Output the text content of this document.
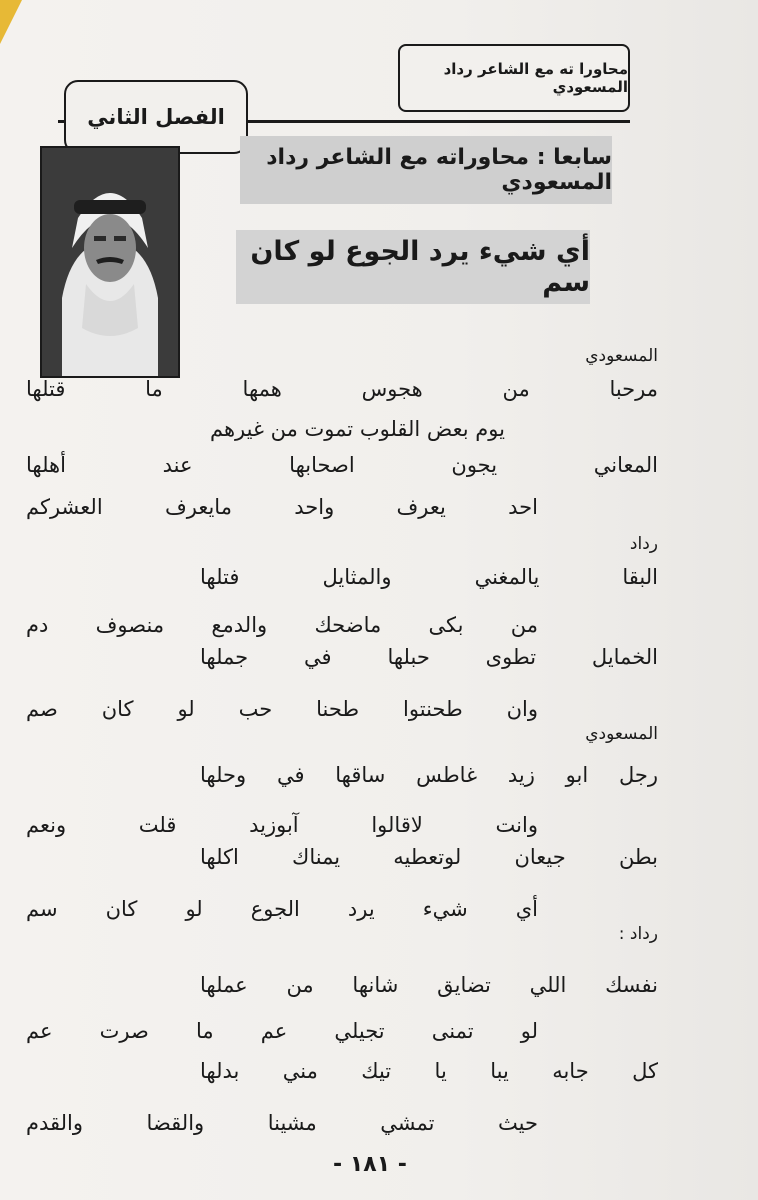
محاورا ته مع الشاعر رداد المسعودي
الفصل الثاني
سابعا : محاوراته مع الشاعر رداد المسعودي
أي شيء يرد الجوع لو كان سم
المسعودي
مرحبا من هجوس همها ما قتلها
يوم بعض القلوب تموت من غيرهم
المعاني يجون اصحابها عند أهلها
احد يعرف واحد مايعرف العشركم
رداد
البقا يالمغني والمثايل فتلها
من بكى ماضحك والدمع منصوف دم
الخمايل تطوى حبلها في جملها
وان طحنتوا طحنا حب لو كان صم
المسعودي
رجل ابو زيد غاطس ساقها في وحلها
وانت لاقالوا آبوزيد قلت ونعم
بطن جيعان لوتعطيه يمناك اكلها
أي شيء يرد الجوع لو كان سم
رداد :
نفسك اللي تضايق شانها من عملها
لو تمنى تجيلي عم ما صرت عم
كل جابه يبا يا تيك مني بدلها
حيث تمشي مشينا والقضا والقدم
- ١٨١ -
